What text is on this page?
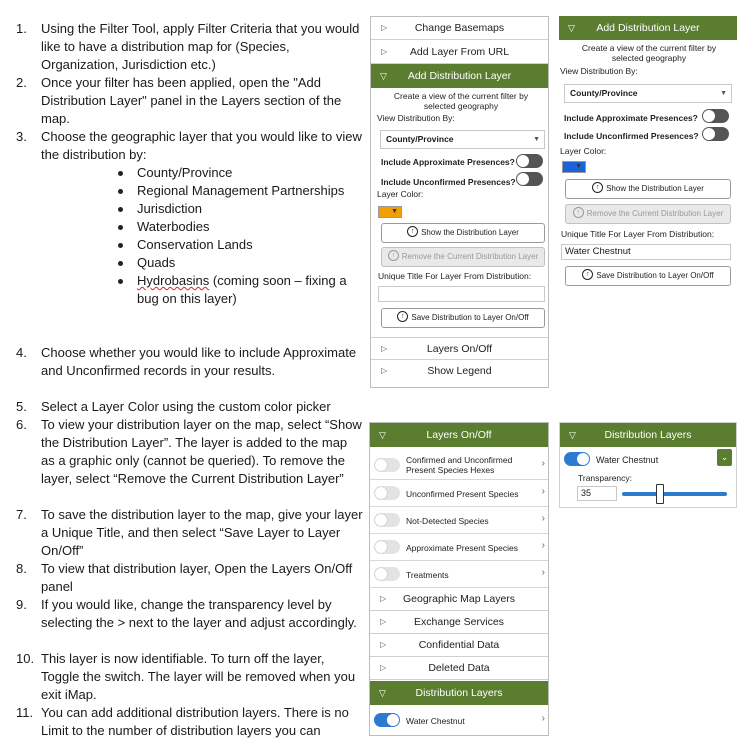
1. Using the Filter Tool, apply Filter Criteria that you would like to have a distribution map for (Species, Organization, Jurisdiction etc.)
2. Once your filter has been applied, open the "Add Distribution Layer" panel in the Layers section of the map.
3. Choose the geographic layer that you would like to view the distribution by:
County/Province
Regional Management Partnerships
Jurisdiction
Waterbodies
Conservation Lands
Quads
Hydrobasins (coming soon – fixing a bug on this layer)
4. Choose whether you would like to include Approximate and Unconfirmed records in your results.
5. Select a Layer Color using the custom color picker
6. To view your distribution layer on the map, select “Show the Distribution Layer”. The layer is added to the map as a graphic only (cannot be queried). To remove the layer, select “Remove the Current Distribution Layer”
7. To save the distribution layer to the map, give your layer a Unique Title, and then select “Save Layer to Layer On/Off”
8. To view that distribution layer, Open the Layers On/Off panel
9. If you would like, change the transparency level by selecting the > next to the layer and adjust accordingly.
10. This layer is now identifiable. To turn off the layer, Toggle the switch. The layer will be removed when you exit iMap.
11. You can add additional distribution layers. There is no Limit to the number of distribution layers you can
▷	Change Basemaps
▷ Add Layer From URL
▽ Add Distribution Layer
Create a view of the current filter by selected geography
View Distribution By:
County/Province	▼
Include Approximate Presences?
Include Unconfirmed Presences?
Layer Color:
▼
↑ Show the Distribution Layer
↑ Remove the Current Distribution Layer
Unique Title For Layer From Distribution:
↑ Save Distribution to Layer On/Off
▷	Layers On/Off
▷	Show Legend
▽ Add Distribution Layer
Create a view of the current filter by selected geography
View Distribution By:
County/Province	▼
Include Approximate Presences?
Include Unconfirmed Presences?
Layer Color:
▼
↑ Show the Distribution Layer
↑ Remove the Current Distribution Layer
Unique Title For Layer From Distribution:
Water Chestnut
↑ Save Distribution to Layer On/Off
▽	Layers On/Off
Confirmed and Unconfirmed Present Species Hexes
›
Unconfirmed Present Species ›
Not-Detected Species	›
Approximate Present Species ›
Treatments	›
▷ Geographic Map Layers
▷	Exchange Services
▷	Confidential Data
▷	Deleted Data
▽	Distribution Layers
Water Chestnut	›
▽	Distribution Layers
Water Chestnut	⌄
Transparency:
35
